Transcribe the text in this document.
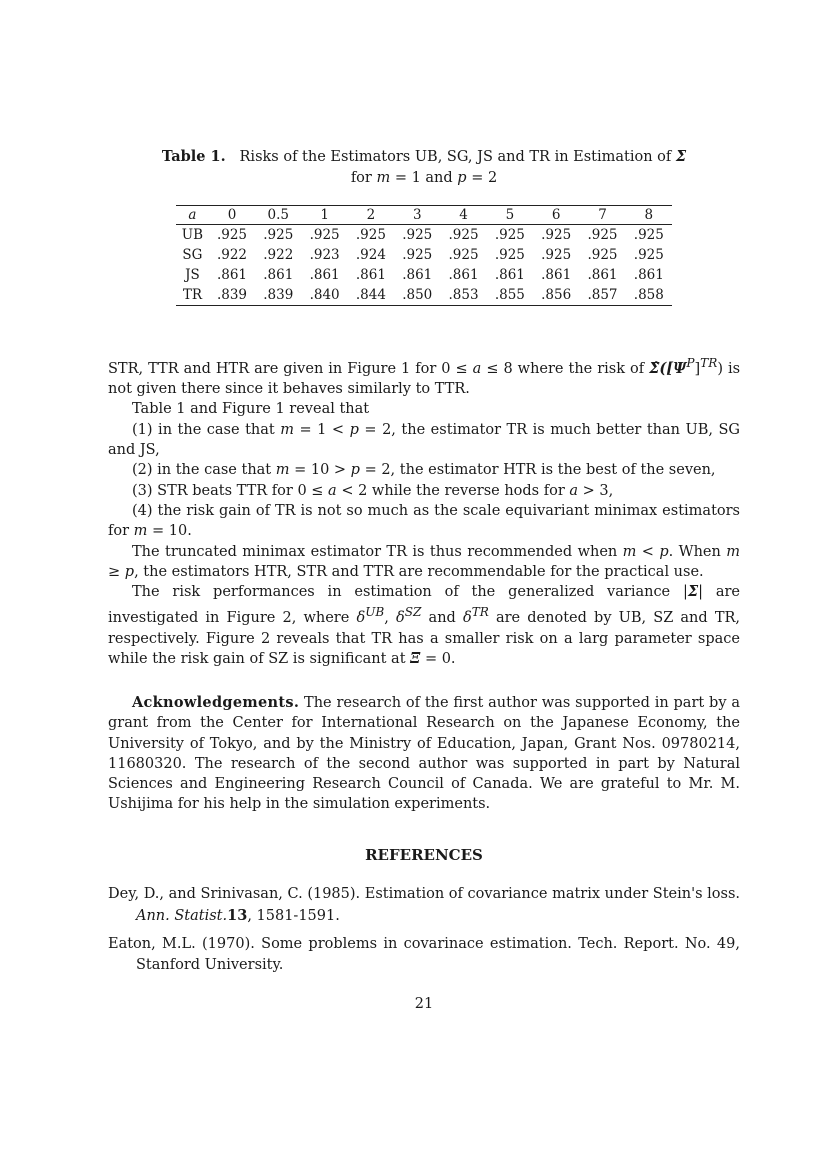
Table 1. Risks of the Estimators UB, SG, JS and TR in Estimation of Σ
for m = 1 and p = 2
a	0	0.5	1	2	3	4	5	6	7	8
UB	.925	.925	.925	.925	.925	.925	.925	.925	.925	.925
SG	.922	.922	.923	.924	.925	.925	.925	.925	.925	.925
JS	.861	.861	.861	.861	.861	.861	.861	.861	.861	.861
TR	.839	.839	.840	.844	.850	.853	.855	.856	.857	.858

STR, TTR and HTR are given in Figure 1 for 0 ≤ a ≤ 8 where the risk of $\Sigmâ([\Psi^P]^{TR})$ is not given there since it behaves similarly to TTR.

Table 1 and Figure 1 reveal that

(1) in the case that m = 1 < p = 2, the estimator TR is much better than UB, SG and JS,

(2) in the case that m = 10 > p = 2, the estimator HTR is the best of the seven,

(3) STR beats TTR for 0 ≤ a < 2 while the reverse hods for a > 3,

(4) the risk gain of TR is not so much as the scale equivariant minimax estimators for m = 10.

The truncated minimax estimator TR is thus recommended when m < p. When m ≥ p, the estimators HTR, STR and TTR are recommendable for the practical use.

The risk performances in estimation of the generalized variance |Σ| are investigated in Figure 2, where $\delta^{UB}$, $\delta^{SZ}$ and $\delta^{TR}$ are denoted by UB, SZ and TR, respectively. Figure 2 reveals that TR has a smaller risk on a larg parameter space while the risk gain of SZ is significant at Ξ = 0.

Acknowledgements. The research of the first author was supported in part by a grant from the Center for International Research on the Japanese Economy, the University of Tokyo, and by the Ministry of Education, Japan, Grant Nos. 09780214, 11680320. The research of the second author was supported in part by Natural Sciences and Engineering Research Council of Canada. We are grateful to Mr. M. Ushijima for his help in the simulation experiments.
REFERENCES
Dey, D., and Srinivasan, C. (1985). Estimation of covariance matrix under Stein's loss. Ann. Statist.13, 1581-1591.
Eaton, M.L. (1970). Some problems in covarinace estimation. Tech. Report. No. 49, Stanford University.
21
